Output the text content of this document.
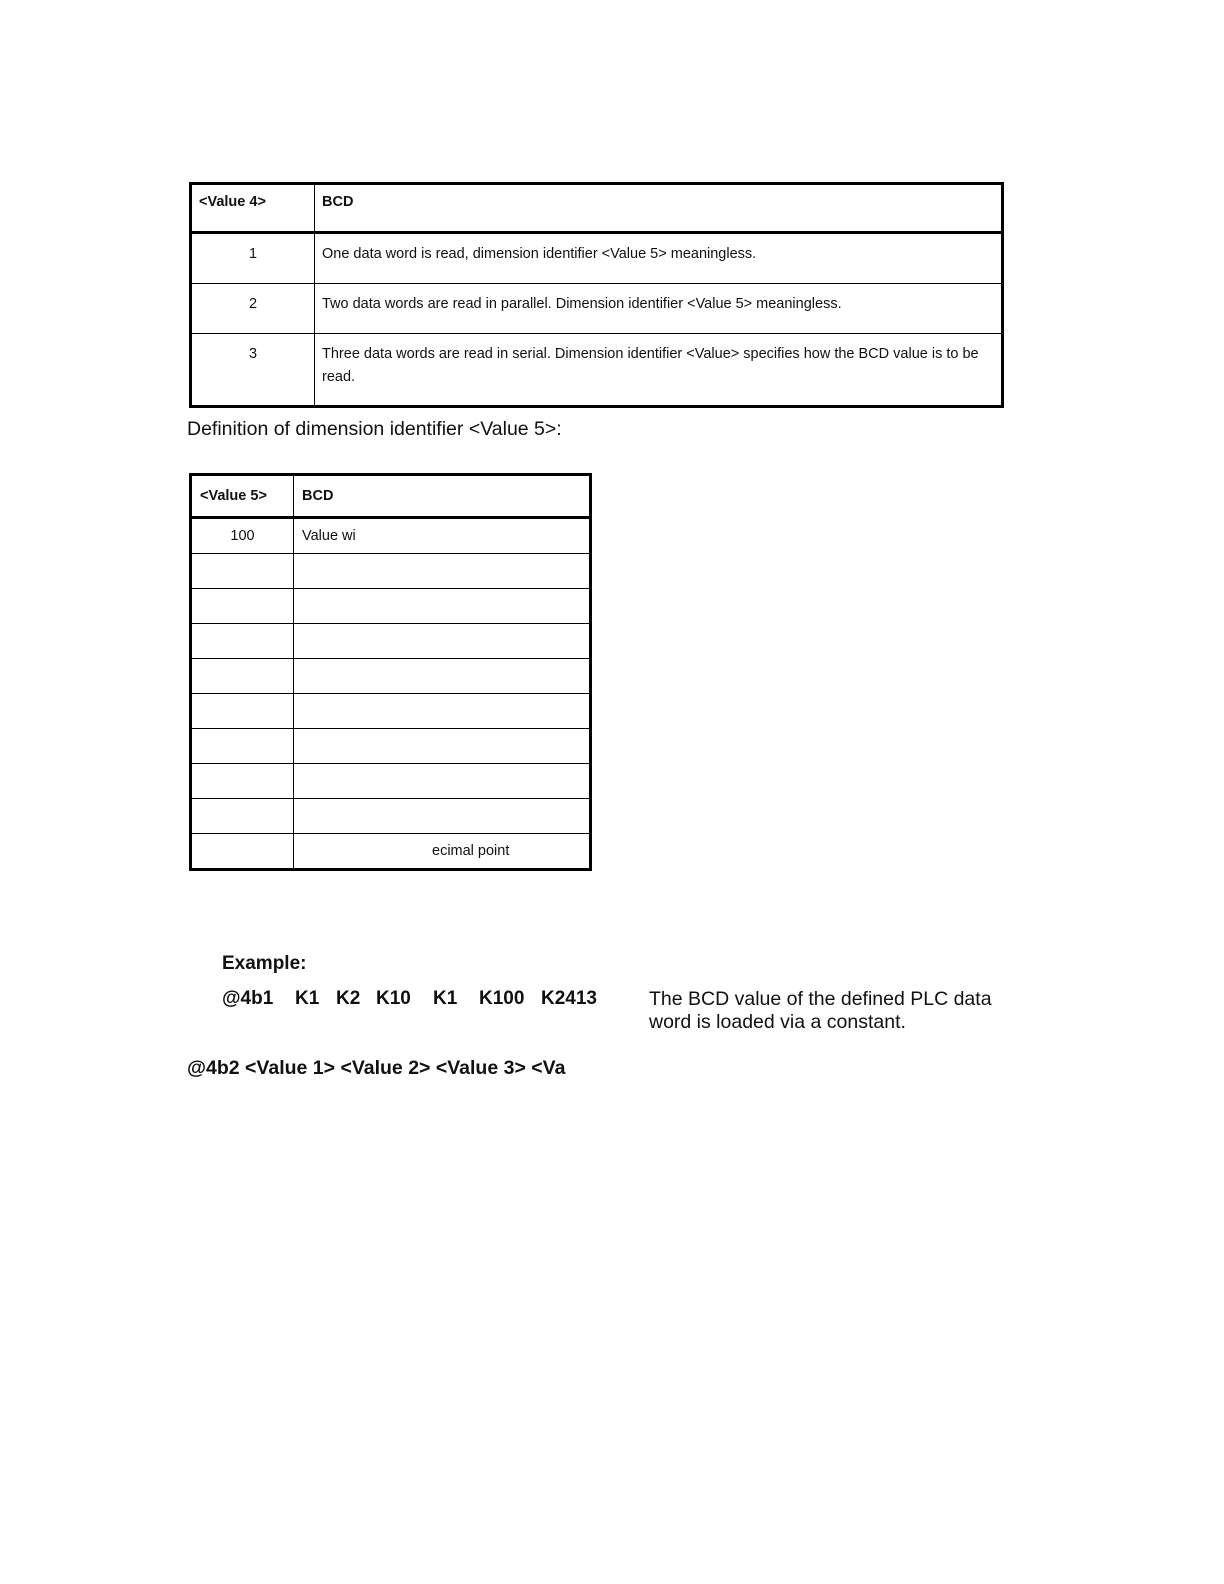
<Value 4>	BCD
1	One data word is read, dimension identifier <Value 5> meaningless.
2	Two data words are read in parallel. Dimension identifier <Value 5> meaningless.
3	Three data words are read in serial. Dimension identifier <Value> specifies how the BCD value is to be read.
Definition of dimension identifier <Value 5>:
<Value 5>	BCD
100	Value wi

	ecimal point
Example:
@4b1 K1 K2 K10 K1 K100 K2413	The BCD value of the defined PLC data word is loaded via a constant.
@4b2 <Value 1> <Value 2> <Value 3> <Va
